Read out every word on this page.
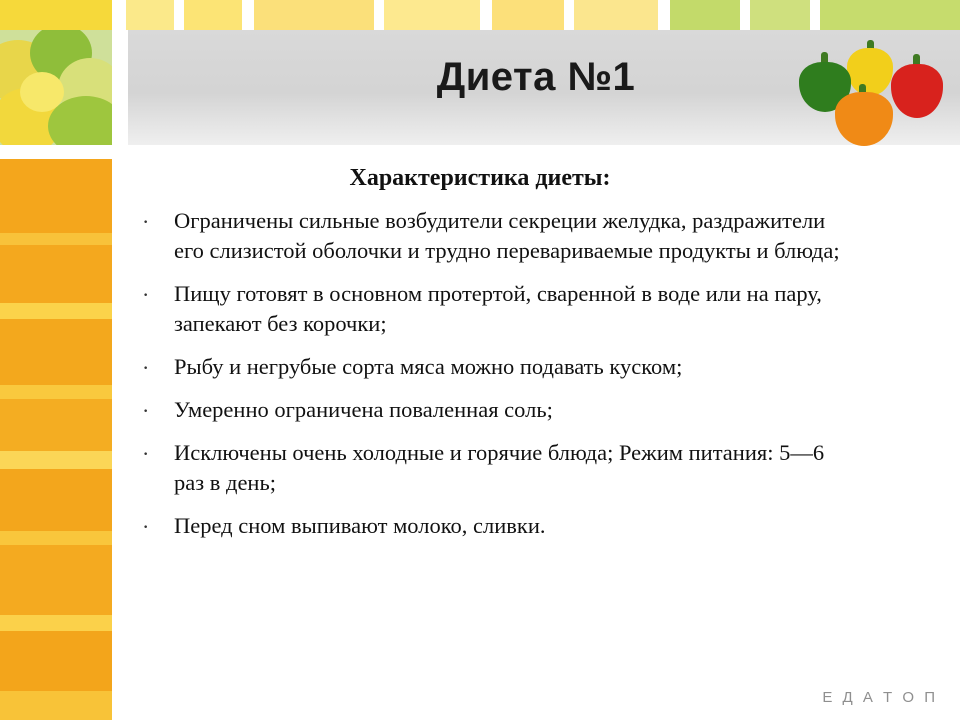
Диета №1
Характеристика диеты:
· Ограничены сильные возбудители секреции желудка, раздражители его слизистой оболочки и трудно перевариваемые продукты и блюда;
· Пищу готовят в основном протертой, сваренной в воде или на пару, запекают без корочки;
· Рыбу и негрубые сорта мяса можно подавать куском;
· Умеренно ограничена поваленная соль;
· Исключены очень холодные и горячие блюда; Режим питания: 5—6 раз в день;
· Перед сном выпивают молоко, сливки.
Е Д А Т О П
